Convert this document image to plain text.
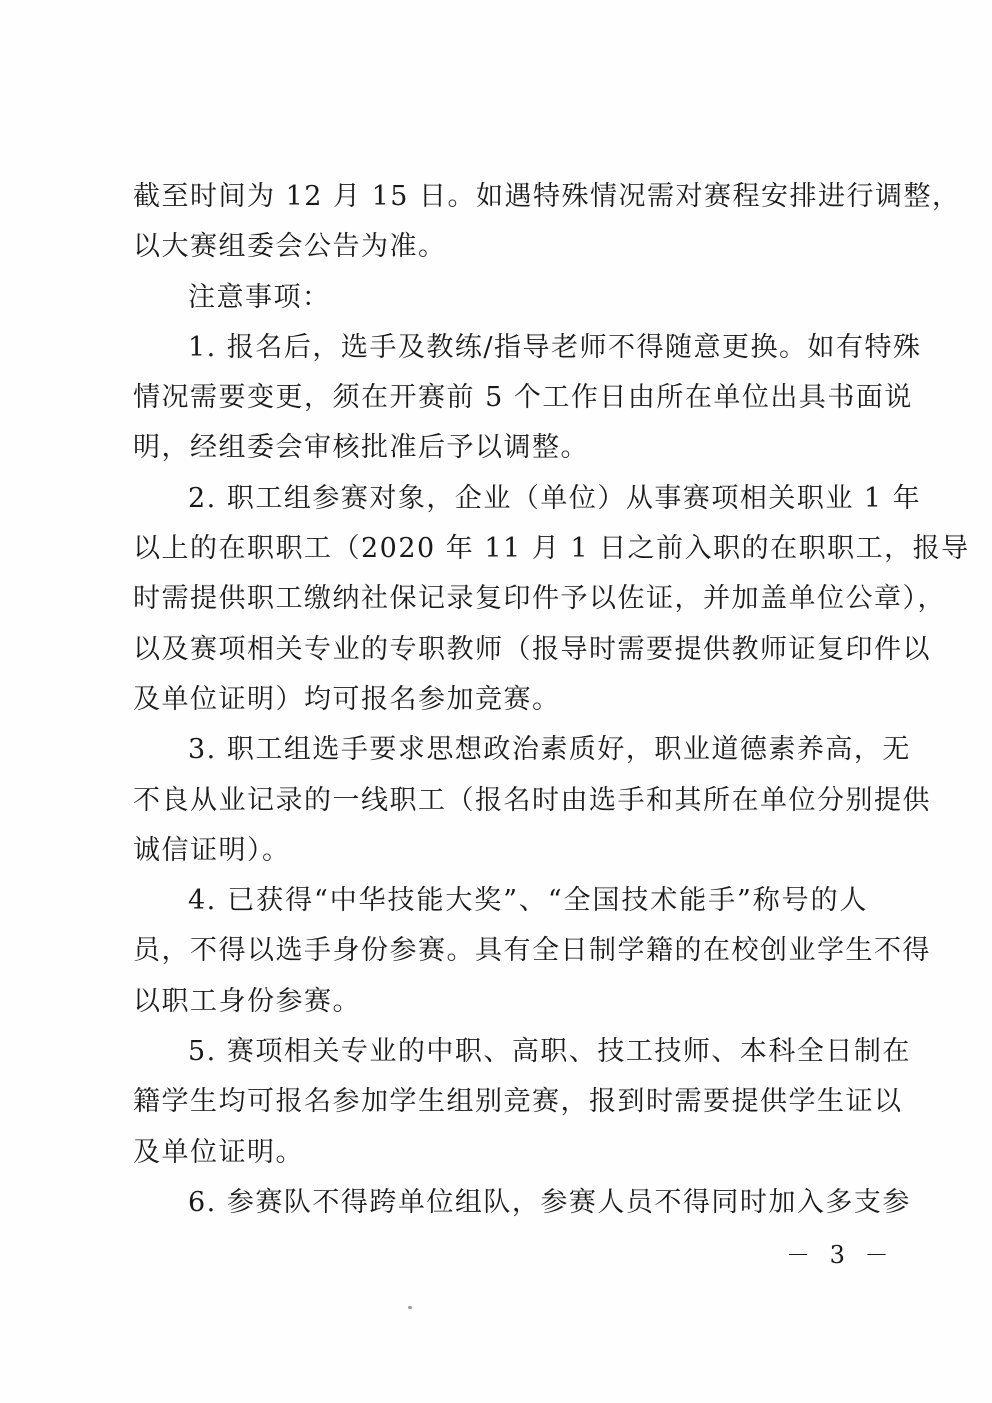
截至时间为 12 月 15 日。如遇特殊情况需对赛程安排进行调整，
以大赛组委会公告为准。
注意事项：
1. 报名后，选手及教练/指导老师不得随意更换。如有特殊
情况需要变更，须在开赛前 5 个工作日由所在单位出具书面说
明，经组委会审核批准后予以调整。
2. 职工组参赛对象，企业（单位）从事赛项相关职业 1 年
以上的在职职工（2020 年 11 月 1 日之前入职的在职职工，报导
时需提供职工缴纳社保记录复印件予以佐证，并加盖单位公章），
以及赛项相关专业的专职教师（报导时需要提供教师证复印件以
及单位证明）均可报名参加竞赛。
3. 职工组选手要求思想政治素质好，职业道德素养高，无
不良从业记录的一线职工（报名时由选手和其所在单位分别提供
诚信证明）。
4. 已获得“中华技能大奖”、“全国技术能手”称号的人
员，不得以选手身份参赛。具有全日制学籍的在校创业学生不得
以职工身份参赛。
5. 赛项相关专业的中职、高职、技工技师、本科全日制在
籍学生均可报名参加学生组别竞赛，报到时需要提供学生证以
及单位证明。
6. 参赛队不得跨单位组队，参赛人员不得同时加入多支参
－ 3 －
